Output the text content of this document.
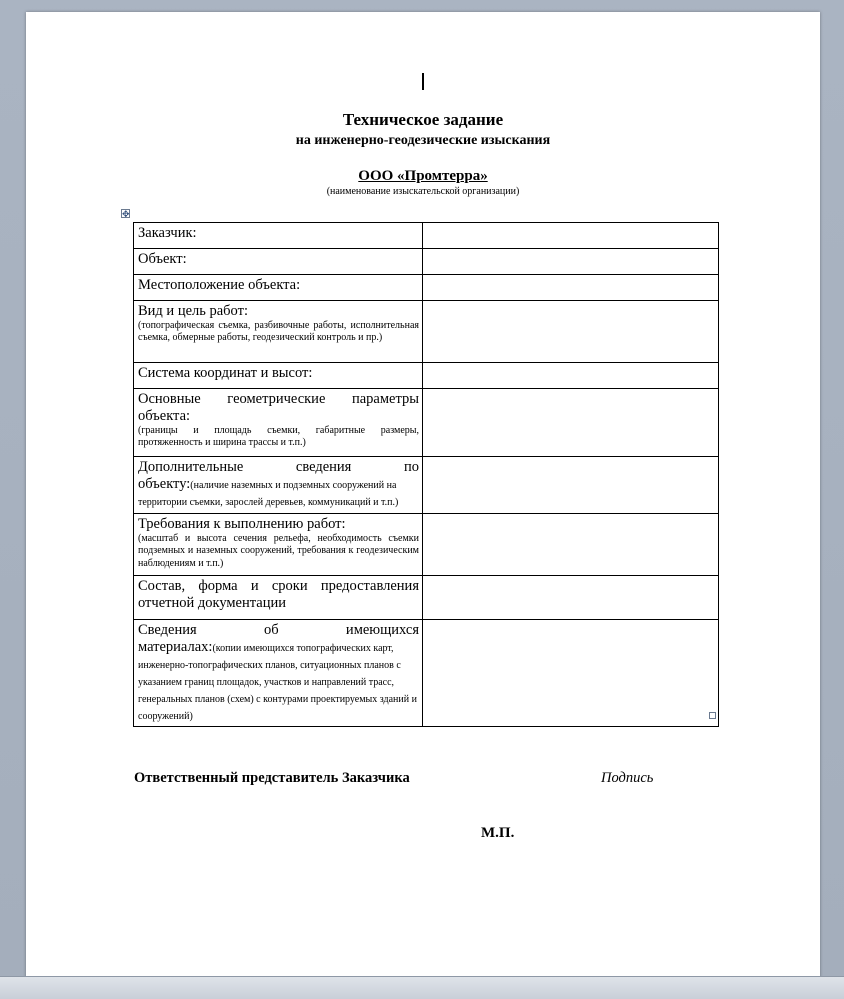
Техническое задание
на инженерно-геодезические изыскания
ООО «Промтерра»
(наименование изыскательской организации)
✥
Заказчик:	
Объект:	
Местоположение объекта:	
Вид и цель работ:
(топографическая съемка, разбивочные работы, исполнительная съемка, обмерные работы, геодезический контроль и пр.)	

Система координат и высот:	

Основные геометрические параметры объекта:
(границы и площадь съемки, габаритные размеры, протяженность и ширина трассы и т.п.)	

Дополнительные сведения по
объекту:(наличие наземных и подземных сооружений на территории съемки, зарослей деревьев, коммуникаций и т.п.)	
Требования к выполнению работ:
(масштаб и высота сечения рельефа, необходимость съемки подземных и наземных сооружений, требования к геодезическим наблюдениям и т.п.)	

Состав, форма и сроки предоставления отчетной документации	

Сведения об имеющихся
материалах:(копии имеющихся топографических карт, инженерно-топографических планов, ситуационных планов с указанием границ площадок, участков и направлений трасс, генеральных планов (схем) с контурами проектируемых зданий и сооружений)	
Ответственный представитель Заказчика	Подпись
М.П.
